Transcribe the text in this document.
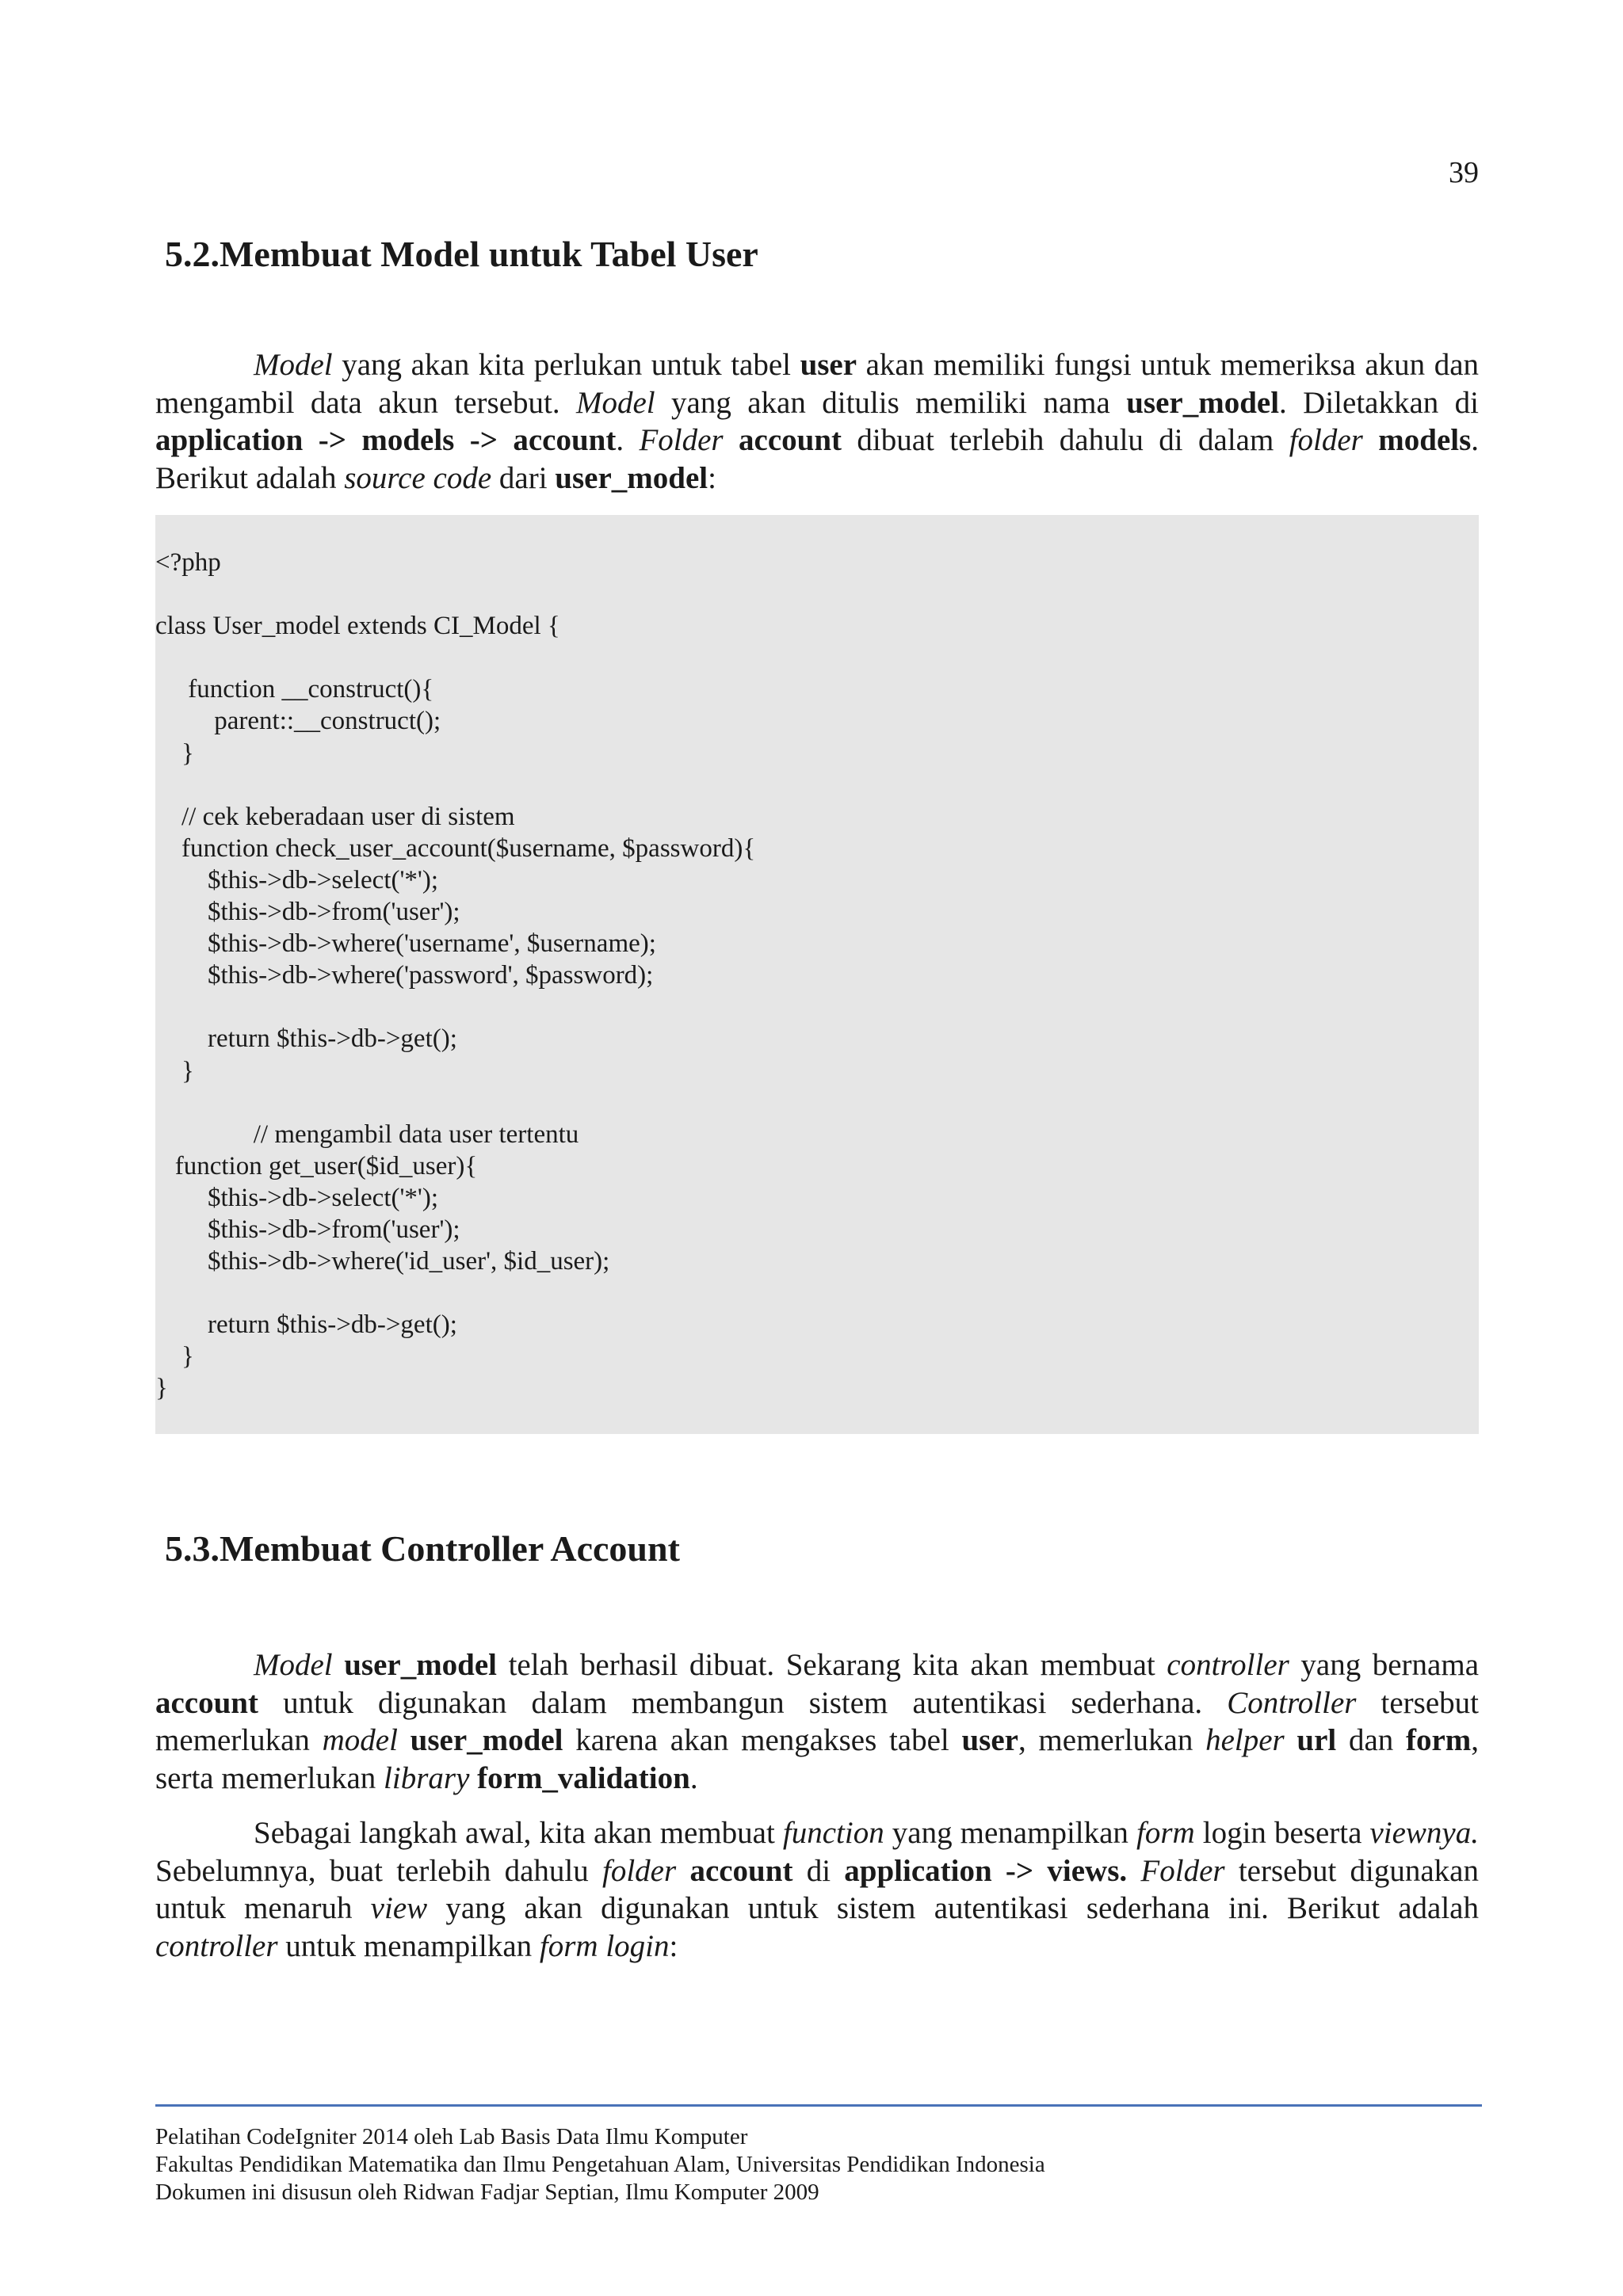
39
5.2.Membuat Model untuk Tabel User

Model yang akan kita perlukan untuk tabel user akan memiliki fungsi untuk memeriksa akun dan mengambil data akun tersebut. Model yang akan ditulis memiliki nama user_model. Diletakkan di application -> models -> account. Folder account dibuat terlebih dahulu di dalam folder models. Berikut adalah source code dari user_model:

<?php
class User_model extends CI_Model {
function __construct(){
parent::__construct();
}
// cek keberadaan user di sistem
function check_user_account($username, $password){
$this->db->select('*');
$this->db->from('user');
$this->db->where('username', $username);
$this->db->where('password', $password);
return $this->db->get();
}
// mengambil data user tertentu
function get_user($id_user){
$this->db->select('*');
$this->db->from('user');
$this->db->where('id_user', $id_user);
return $this->db->get();
}
}
5.3.Membuat Controller Account

Model user_model telah berhasil dibuat. Sekarang kita akan membuat controller yang bernama account untuk digunakan dalam membangun sistem autentikasi sederhana. Controller tersebut memerlukan model user_model karena akan mengakses tabel user, memerlukan helper url dan form, serta memerlukan library form_validation.

Sebagai langkah awal, kita akan membuat function yang menampilkan form login beserta viewnya. Sebelumnya, buat terlebih dahulu folder account di application -> views. Folder tersebut digunakan untuk menaruh view yang akan digunakan untuk sistem autentikasi sederhana ini. Berikut adalah controller untuk menampilkan form login:

Pelatihan CodeIgniter 2014 oleh Lab Basis Data Ilmu Komputer
Fakultas Pendidikan Matematika dan Ilmu Pengetahuan Alam, Universitas Pendidikan Indonesia
Dokumen ini disusun oleh Ridwan Fadjar Septian, Ilmu Komputer 2009
